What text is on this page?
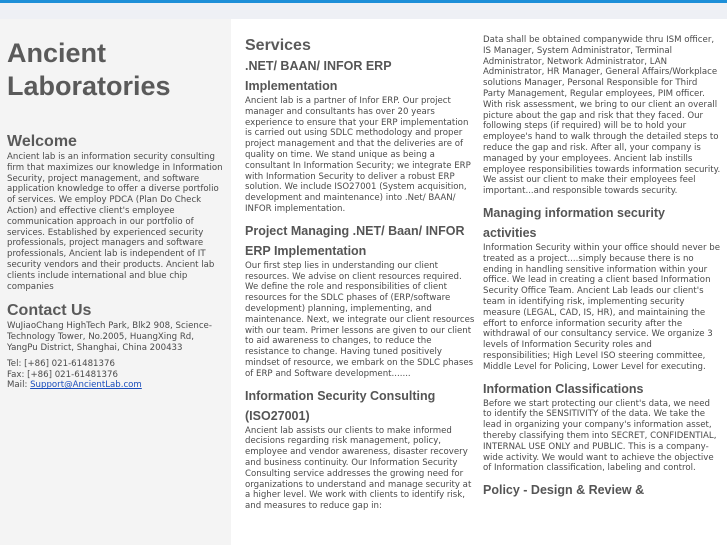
Ancient Laboratories
Welcome

Ancient lab is an information security consulting firm that maximizes our knowledge in Information Security, project management, and software application knowledge to offer a diverse portfolio of services. We employ PDCA (Plan Do Check Action) and effective client's employee communication approach in our portfolio of services. Established by experienced security professionals, project managers and software professionals, Ancient lab is independent of IT security vendors and their products. Ancient lab clients include international and blue chip companies

Contact Us

WuJiaoChang HighTech Park, Blk2 908, Science-Technology Tower, No.2005, HuangXing Rd, YangPu District, Shanghai, China 200433

Tel: [+86] 021-61481376

Fax: [+86] 021-61481376

Mail: Support@AncientLab.com

Services
.NET/ BAAN/ INFOR ERP Implementation

Ancient lab is a partner of Infor ERP. Our project manager and consultants has over 20 years experience to ensure that your ERP implementation is carried out using SDLC methodology and proper project management and that the deliveries are of quality on time. We stand unique as being a consultant In Information Security; we integrate ERP with Information Security to deliver a robust ERP solution. We include ISO27001 (System acquisition, development and maintenance) into .Net/ BAAN/ INFOR implementation.

Project Managing .NET/ Baan/ INFOR ERP Implementation

Our first step lies in understanding our client resources. We advise on client resources required. We define the role and responsibilities of client resources for the SDLC phases of (ERP/software development) planning, implementing, and maintenance. Next, we integrate our client resources with our team. Primer lessons are given to our client to aid awareness to changes, to reduce the resistance to change. Having tuned positively mindset of resource, we embark on the SDLC phases of ERP and Software development.......

Information Security Consulting (ISO27001)

Ancient lab assists our clients to make informed decisions regarding risk management, policy, employee and vendor awareness, disaster recovery and business continuity. Our Information Security Consulting service addresses the growing need for organizations to understand and manage security at a higher level. We work with clients to identify risk, and measures to reduce gap in:

Data shall be obtained companywide thru ISM officer, IS Manager, System Administrator, Terminal Administrator, Network Administrator, LAN Administrator, HR Manager, General Affairs/Workplace solutions Manager, Personal Responsible for Third Party Management, Regular employees, PIM officer. With risk assessment, we bring to our client an overall picture about the gap and risk that they faced. Our following steps (if required) will be to hold your employee's hand to walk through the detailed steps to reduce the gap and risk. After all, your company is managed by your employees. Ancient lab instills employee responsibilities towards information security. We assist our client to make their employees feel important...and responsible towards security.

Managing information security activities

Information Security within your office should never be treated as a project....simply because there is no ending in handling sensitive information within your office. We lead in creating a client based Information Security Office Team. Ancient Lab leads our client's team in identifying risk, implementing security measure (LEGAL, CAD, IS, HR), and maintaining the effort to enforce information security after the withdrawal of our consultancy service. We organize 3 levels of Information Security roles and responsibilities; High Level ISO steering committee, Middle Level for Policing, Lower Level for executing.

Information Classifications

Before we start protecting our client's data, we need to identify the SENSITIVITY of the data. We take the lead in organizing your company's information asset, thereby classifying them into SECRET, CONFIDENTIAL, INTERNAL USE ONLY and PUBLIC. This is a company-wide activity. We would want to achieve the objective of Information classification, labeling and control.

Policy - Design & Review &
